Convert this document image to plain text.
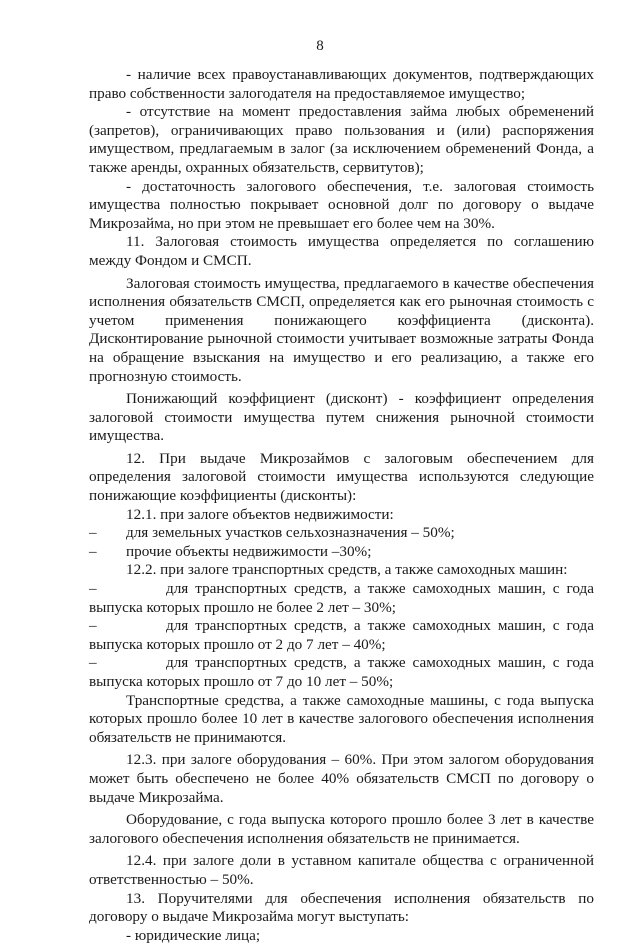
8

- наличие всех правоустанавливающих документов, подтверждающих право собственности залогодателя на предоставляемое имущество;

- отсутствие на момент предоставления займа любых обременений (запретов), ограничивающих право пользования и (или) распоряжения имуществом, предлагаемым в залог (за исключением обременений Фонда, а также аренды, охранных обязательств, сервитутов);

- достаточность залогового обеспечения, т.е. залоговая стоимость имущества полностью покрывает основной долг по договору о выдаче Микрозайма, но при этом не превышает его более чем на 30%.

11. Залоговая стоимость имущества определяется по соглашению между Фондом и СМСП.

Залоговая стоимость имущества, предлагаемого в качестве обеспечения исполнения обязательств СМСП, определяется как его рыночная стоимость с учетом применения понижающего коэффициента (дисконта). Дисконтирование рыночной стоимости учитывает возможные затраты Фонда на обращение взыскания на имущество и его реализацию, а также его прогнозную стоимость.

Понижающий коэффициент (дисконт) - коэффициент определения залоговой стоимости имущества путем снижения рыночной стоимости имущества.

12. При выдаче Микрозаймов с залоговым обеспечением для определения залоговой стоимости имущества используются следующие понижающие коэффициенты (дисконты):

12.1. при залоге объектов недвижимости:

–	для земельных участков сельхозназначения – 50%;
–	прочие объекты недвижимости –30%;

12.2. при залоге транспортных средств, а также самоходных машин:

–	для транспортных средств, а также самоходных машин, с года выпуска которых прошло не более 2 лет – 30%;

–	для транспортных средств, а также самоходных машин, с года выпуска которых прошло от 2 до 7 лет – 40%;

–	для транспортных средств, а также самоходных машин, с года выпуска которых прошло от 7 до 10 лет – 50%;

Транспортные средства, а также самоходные машины, с года выпуска которых прошло более 10 лет в качестве залогового обеспечения исполнения обязательств не принимаются.

12.3. при залоге оборудования – 60%. При этом залогом оборудования может быть обеспечено не более 40% обязательств СМСП по договору о выдаче Микрозайма.

Оборудование, с года выпуска которого прошло более 3 лет в качестве залогового обеспечения исполнения обязательств не принимается.

12.4. при залоге доли в уставном капитале общества с ограниченной ответственностью – 50%.

13. Поручителями для обеспечения исполнения обязательств по договору о выдаче Микрозайма могут выступать:

- юридические лица;
